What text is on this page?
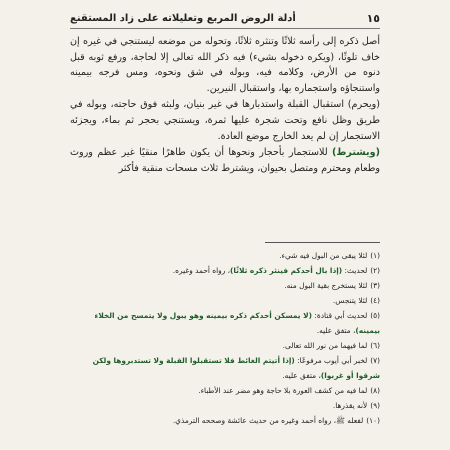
١٥
أدلة الروض المربع وتعليلاته على زاد المستقنع

أصل ذكره إلى رأسه ثلاثًا وتنثره ثلاثًا، وتحوله من موضعه ليستنجي في غيره إن خاف تلوثًا، (ويكره دخوله بشيء) فيه ذكر الله تعالى إلا لحاجة، ورفع ثوبه قبل دنوه من الأرض، وكلامه فيه، وبوله في شق ونحوه، ومس فرجه بيمينه واستنجاؤه واستجماره بها، واستقبال النيرين.

(ويحرم) استقبال القبلة واستدبارها في غير بنيان، ولبثه فوق حاجته، وبوله في طريق وظل نافع وتحت شجرة عليها ثمرة، ويستنجي بحجر ثم بماء، ويجزئه الاستجمار إن لم يعد الخارج موضع العادة.

(ويشترط) للاستجمار بأحجار ونحوها أن يكون طاهرًا منقيًا غير عظم وروث وطعام ومحترم ومتصل بحيوان، ويشترط ثلاث مسحات منقية فأكثر

(١)لئلا يبقى من البول فيه شيء.
(٢)لحديث: (إذا بال أحدكم فينثر ذكره ثلاثًا)، رواه أحمد وغيره.
(٣)لئلا يستخرج بقية البول منه.
(٤)لئلا يتنجس.
(٥)لحديث أبي قتادة: (لا يمسكن أحدكم ذكره بيمينه وهو يبول ولا يتمسح من الخلاء بيمينه)، متفق عليه.
(٦)لما فيهما من نور الله تعالى.
(٧)لخبر أبي أيوب مرفوعًا: (إذا أتيتم الغائط فلا تستقبلوا القبلة ولا تستدبروها ولكن شرقوا أو غربوا)، متفق عليه.
(٨)لما فيه من كشف العورة بلا حاجة وهو مضر عند الأطباء.
(٩)لأنه يقذرها.
(١٠)لفعله ﷺ، رواه أحمد وغيره من حديث عائشة وصححه الترمذي.
